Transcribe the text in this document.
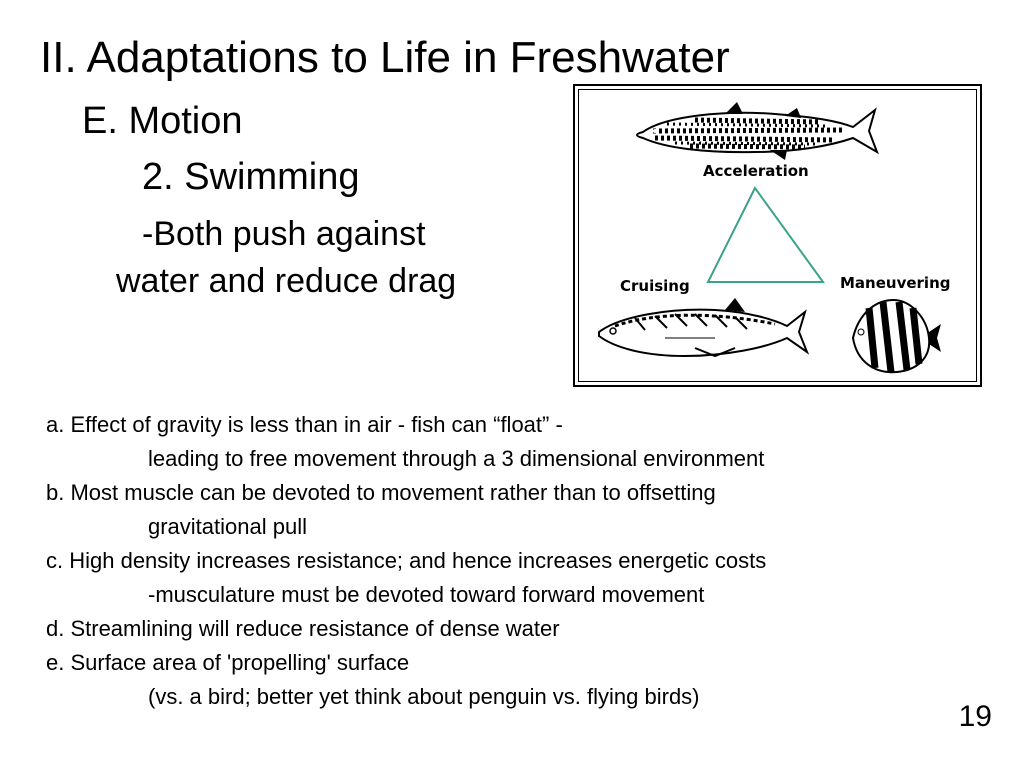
II. Adaptations to Life in Freshwater
E. Motion
2. Swimming
-Both push against
water and reduce drag
Acceleration
Cruising	Maneuvering
a. Effect of gravity is less than in air - fish can “float” -
leading to free movement through a 3 dimensional environment
b. Most muscle can be devoted to movement rather than to offsetting
gravitational pull
c. High density increases resistance; and hence increases energetic costs
-musculature must be devoted toward forward movement
d. Streamlining will reduce resistance of dense water
e. Surface area of 'propelling' surface
(vs. a bird; better yet think about penguin vs. flying birds)
19
